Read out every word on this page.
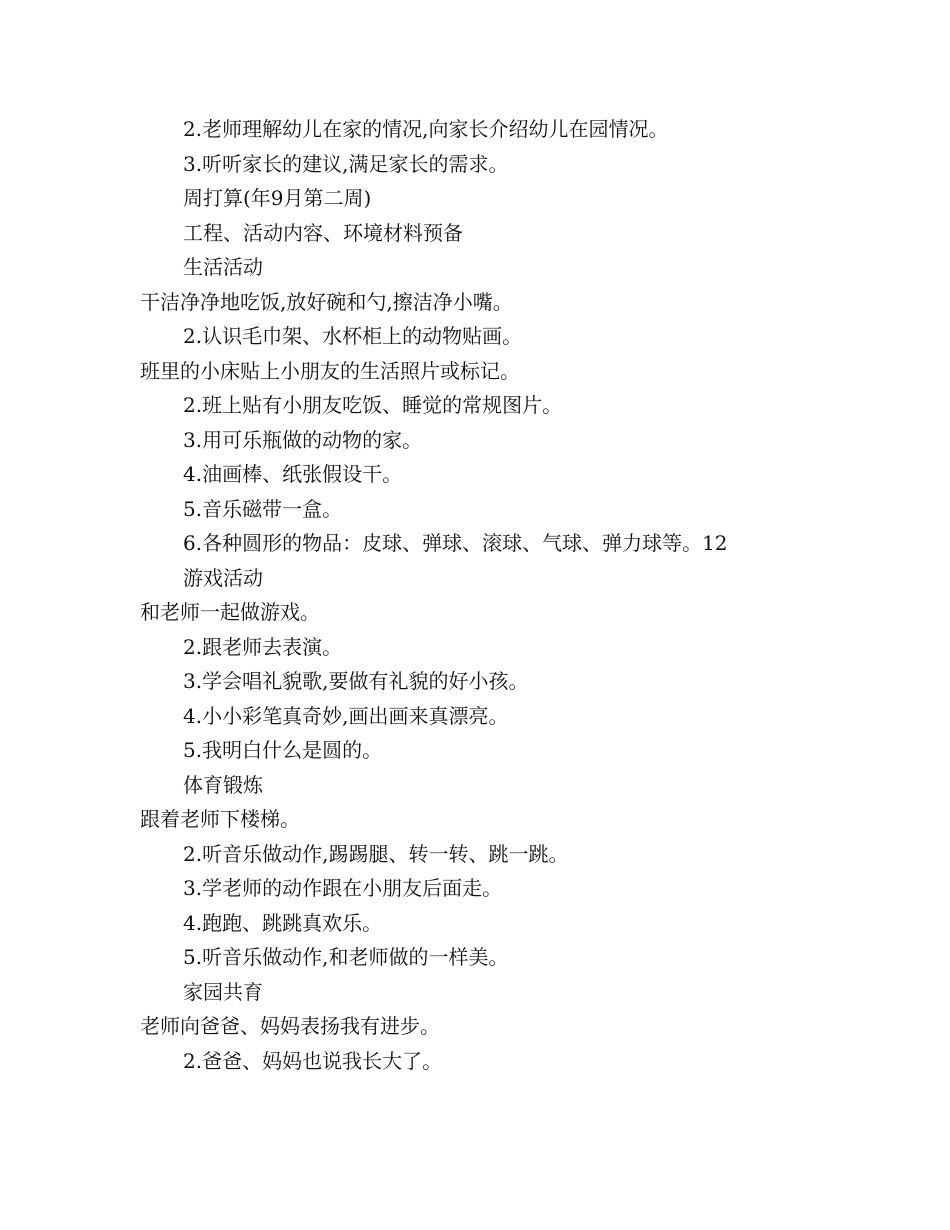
2.老师理解幼儿在家的情况,向家长介绍幼儿在园情况。
3.听听家长的建议,满足家长的需求。
周打算(年9月第二周)
工程、活动内容、环境材料预备
生活活动
干洁净净地吃饭,放好碗和勺,擦洁净小嘴。
2.认识毛巾架、水杯柜上的动物贴画。
班里的小床贴上小朋友的生活照片或标记。
2.班上贴有小朋友吃饭、睡觉的常规图片。
3.用可乐瓶做的动物的家。
4.油画棒、纸张假设干。
5.音乐磁带一盒。
6.各种圆形的物品：皮球、弹球、滚球、气球、弹力球等。12
游戏活动
和老师一起做游戏。
2.跟老师去表演。
3.学会唱礼貌歌,要做有礼貌的好小孩。
4.小小彩笔真奇妙,画出画来真漂亮。
5.我明白什么是圆的。
体育锻炼
跟着老师下楼梯。
2.听音乐做动作,踢踢腿、转一转、跳一跳。
3.学老师的动作跟在小朋友后面走。
4.跑跑、跳跳真欢乐。
5.听音乐做动作,和老师做的一样美。
家园共育
老师向爸爸、妈妈表扬我有进步。
2.爸爸、妈妈也说我长大了。
